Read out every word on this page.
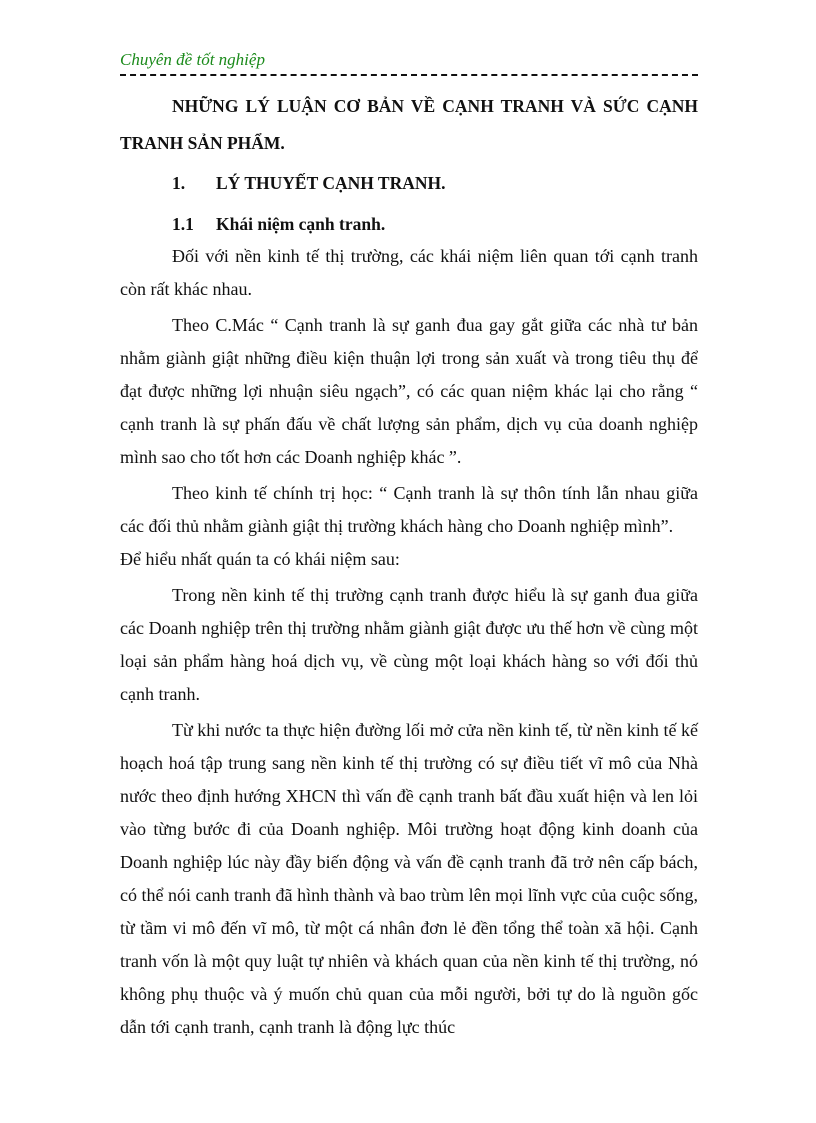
Chuyên đề tốt nghiệp
NHỮNG LÝ LUẬN CƠ BẢN VỀ CẠNH TRANH VÀ SỨC CẠNH TRANH SẢN PHẨM.
1. LÝ THUYẾT CẠNH TRANH.
1.1 Khái niệm cạnh tranh.

Đối với nền kinh tế thị trường, các khái niệm liên quan tới cạnh tranh còn rất khác nhau.

Theo C.Mác “ Cạnh tranh là sự ganh đua gay gắt giữa các nhà tư bản nhằm giành giật những điều kiện thuận lợi trong sản xuất và trong tiêu thụ để đạt được những lợi nhuận siêu ngạch”, có các quan niệm khác lại cho rằng “ cạnh tranh là sự phấn đấu về chất lượng sản phẩm, dịch vụ của doanh nghiệp mình sao cho tốt hơn các Doanh nghiệp khác ”.

Theo kinh tế chính trị học: “ Cạnh tranh là sự thôn tính lẫn nhau giữa các đối thủ nhằm giành giật thị trường khách hàng cho Doanh nghiệp mình”.

Để hiểu nhất quán ta có khái niệm sau:

Trong nền kinh tế thị trường cạnh tranh được hiểu là sự ganh đua giữa các Doanh nghiệp trên thị trường nhằm giành giật được ưu thế hơn về cùng một loại sản phẩm hàng hoá dịch vụ, về cùng một loại khách hàng so với đối thủ cạnh tranh.

Từ khi nước ta thực hiện đường lối mở cửa nền kinh tế, từ nền kinh tế kế hoạch hoá tập trung sang nền kinh tế thị trường có sự điều tiết vĩ mô của Nhà nước theo định hướng XHCN thì vấn đề cạnh tranh bất đầu xuất hiện và len lỏi vào từng bước đi của Doanh nghiệp. Môi trường hoạt động kinh doanh của Doanh nghiệp lúc này đầy biến động và vấn đề cạnh tranh đã trở nên cấp bách, có thể nói canh tranh đã hình thành và bao trùm lên mọi lĩnh vực của cuộc sống, từ tầm vi mô đến vĩ mô, từ một cá nhân đơn lẻ đền tổng thể toàn xã hội. Cạnh tranh vốn là một quy luật tự nhiên và khách quan của nền kinh tế thị trường, nó không phụ thuộc và ý muốn chủ quan của mỗi người, bởi tự do là nguồn gốc dẫn tới cạnh tranh, cạnh tranh là động lực thúc
